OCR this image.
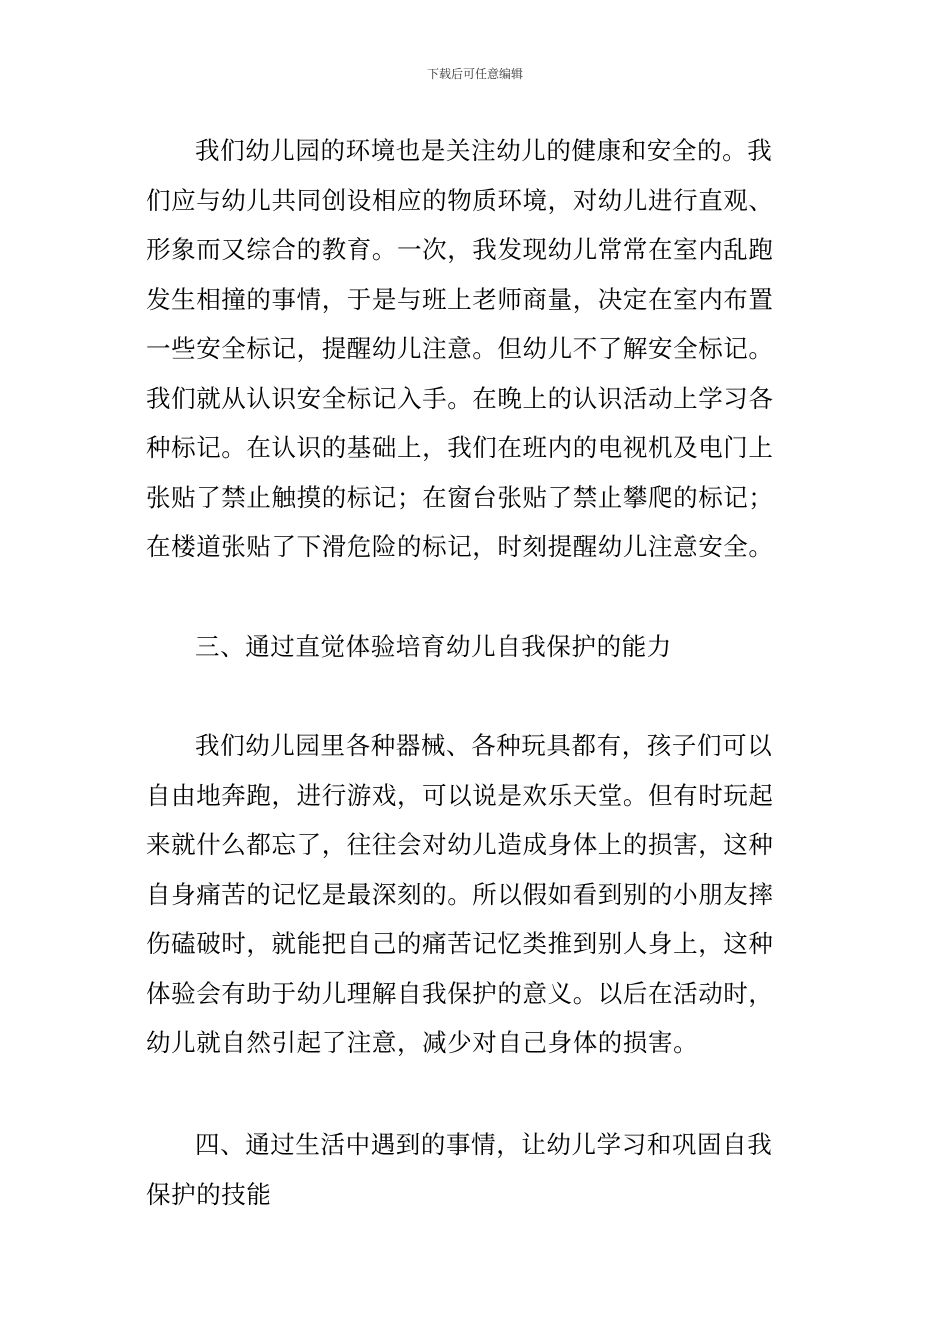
下载后可任意编辑
我们幼儿园的环境也是关注幼儿的健康和安全的。我
们应与幼儿共同创设相应的物质环境，对幼儿进行直观、
形象而又综合的教育。一次，我发现幼儿常常在室内乱跑
发生相撞的事情，于是与班上老师商量，决定在室内布置
一些安全标记，提醒幼儿注意。但幼儿不了解安全标记。
我们就从认识安全标记入手。在晚上的认识活动上学习各
种标记。在认识的基础上，我们在班内的电视机及电门上
张贴了禁止触摸的标记；在窗台张贴了禁止攀爬的标记；
在楼道张贴了下滑危险的标记，时刻提醒幼儿注意安全。
三、通过直觉体验培育幼儿自我保护的能力
我们幼儿园里各种器械、各种玩具都有，孩子们可以
自由地奔跑，进行游戏，可以说是欢乐天堂。但有时玩起
来就什么都忘了，往往会对幼儿造成身体上的损害，这种
自身痛苦的记忆是最深刻的。所以假如看到别的小朋友摔
伤磕破时，就能把自己的痛苦记忆类推到别人身上，这种
体验会有助于幼儿理解自我保护的意义。以后在活动时，
幼儿就自然引起了注意，减少对自己身体的损害。
四、通过生活中遇到的事情，让幼儿学习和巩固自我
保护的技能
